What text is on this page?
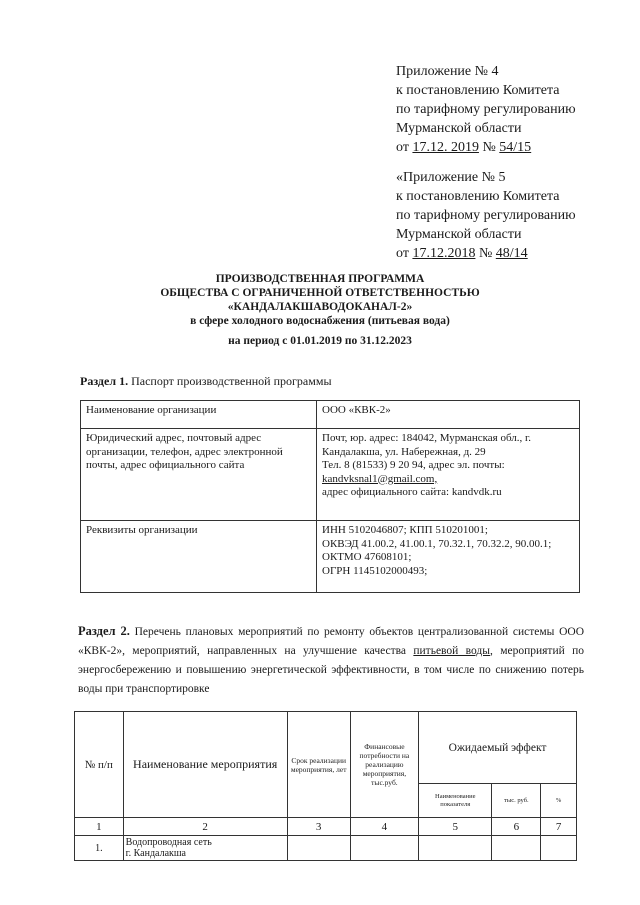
Приложение № 4
к постановлению Комитета
по тарифному регулированию
Мурманской области
от 17.12. 2019 № 54/15
«Приложение № 5
к постановлению Комитета
по тарифному регулированию
Мурманской области
от 17.12.2018 № 48/14
ПРОИЗВОДСТВЕННАЯ ПРОГРАММА
ОБЩЕСТВА С ОГРАНИЧЕННОЙ ОТВЕТСТВЕННОСТЬЮ
«КАНДАЛАКШАВОДОКАНАЛ-2»
в сфере холодного водоснабжения (питьевая вода)
на период с 01.01.2019 по 31.12.2023
Раздел 1. Паспорт производственной программы
Наименование организации	ООО «КВК-2»

Юридический адрес, почтовый адрес организации, телефон, адрес электронной почты, адрес официального сайта	Почт, юр. адрес: 184042, Мурманская обл., г. Кандалакша, ул. Набережная, д. 29
Тел. 8 (81533) 9 20 94, адрес эл. почты:
kandvksnal1@gmail.com,
адрес официального сайта: kandvdk.ru

Реквизиты организации	ИНН 5102046807; КПП 510201001;
ОКВЭД 41.00.2, 41.00.1, 70.32.1, 70.32.2, 90.00.1;
ОКТМО 47608101;
ОГРН 1145102000493;
Раздел 2. Перечень плановых мероприятий по ремонту объектов централизованной системы ООО «КВК-2», мероприятий, направленных на улучшение качества питьевой воды, мероприятий по энергосбережению и повышению энергетической эффективности, в том числе по снижению потерь воды при транспортировке
№ п/п	Наименование мероприятия	Срок реализации мероприятия, лет	Финансовые потребности на реализацию мероприятия, тыс.руб.	Ожидаемый эффект		
				Наименование показателя	тыс. руб.	%
1	2	3	4	5	6	7
1.	Водопроводная сеть
г. Кандалакша					
